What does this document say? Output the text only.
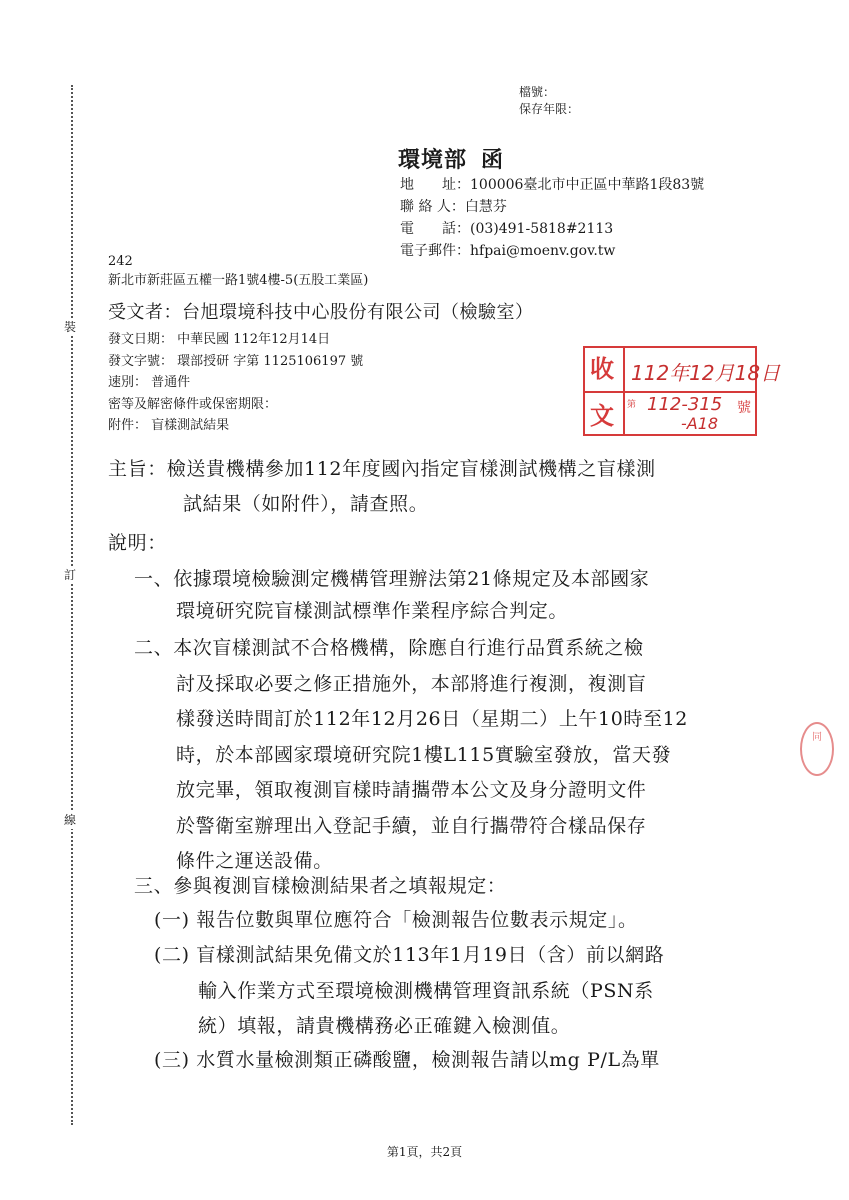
裝
訂
線
檔號：
保存年限：
環境部 函
地　　址：100006臺北市中正區中華路1段83號
聯 絡 人：白慧芬
電　　話：(03)491-5818#2113
電子郵件：hfpai@moenv.gov.tw
242
新北市新莊區五權一路1號4樓-5(五股工業區)
受文者：台旭環境科技中心股份有限公司（檢驗室）
發文日期： 中華民國 112年12月14日
發文字號： 環部授研 字第 1125106197 號
速別： 普通件
密等及解密條件或保密期限：
附件： 盲樣測試結果
收
文
112年12月18日
第 112-315
-A18
號
同
主旨：檢送貴機構參加112年度國內指定盲樣測試機構之盲樣測
試結果（如附件），請查照。
說明：
一、依據環境檢驗測定機構管理辦法第21條規定及本部國家
環境研究院盲樣測試標準作業程序綜合判定。
二、本次盲樣測試不合格機構，除應自行進行品質系統之檢
討及採取必要之修正措施外，本部將進行複測，複測盲
樣發送時間訂於112年12月26日（星期二）上午10時至12
時，於本部國家環境研究院1樓L115實驗室發放，當天發
放完畢，領取複測盲樣時請攜帶本公文及身分證明文件
於警衛室辦理出入登記手續，並自行攜帶符合樣品保存
條件之運送設備。
三、參與複測盲樣檢測結果者之填報規定：
(一) 報告位數與單位應符合「檢測報告位數表示規定」。
(二) 盲樣測試結果免備文於113年1月19日（含）前以網路
輸入作業方式至環境檢測機構管理資訊系統（PSN系
統）填報，請貴機構務必正確鍵入檢測值。
(三) 水質水量檢測類正磷酸鹽，檢測報告請以mg P/L為單
第1頁，共2頁
